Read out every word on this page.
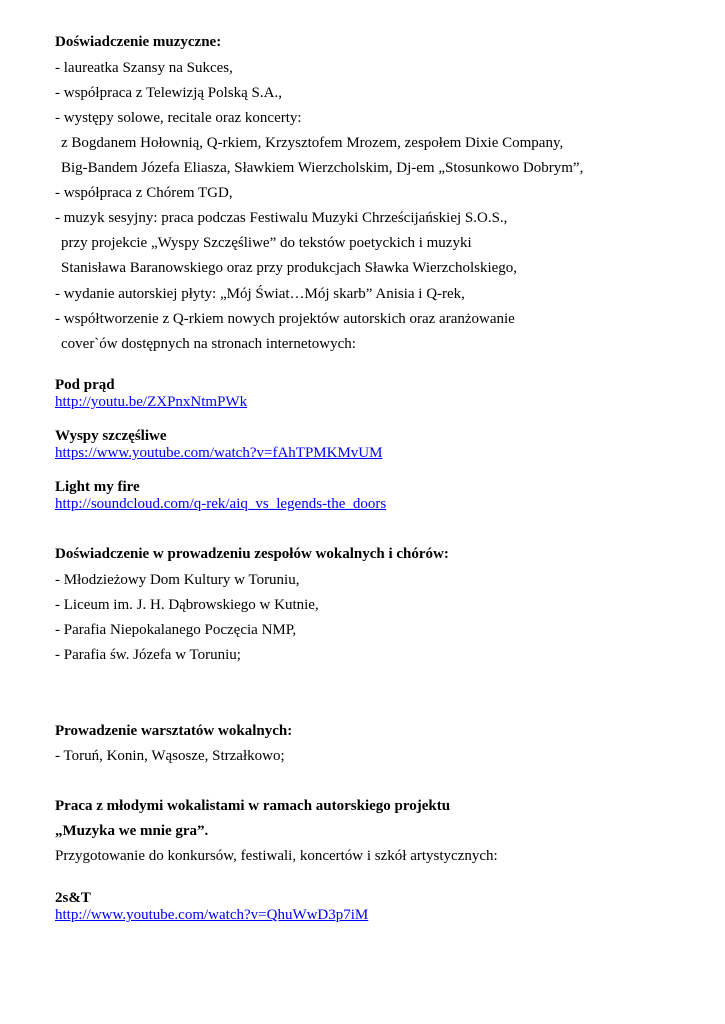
Doświadczenie muzyczne:
- laureatka Szansy na Sukces,
- współpraca z Telewizją Polską S.A.,
- występy solowe, recitale oraz koncerty:
z Bogdanem Hołownią, Q-rkiem, Krzysztofem Mrozem, zespołem Dixie Company,
Big-Bandem Józefa Eliasza, Sławkiem Wierzcholskim, Dj-em „Stosunkowo Dobrym”,
- współpraca z Chórem TGD,
- muzyk sesyjny: praca podczas Festiwalu Muzyki Chrześcijańskiej S.O.S.,
przy projekcie „Wyspy Szczęśliwe” do tekstów poetyckich i muzyki
Stanisława Baranowskiego oraz przy produkcjach Sławka Wierzcholskiego,
- wydanie autorskiej płyty: „Mój Świat…Mój skarb” Anisia i Q-rek,
- współtworzenie z Q-rkiem nowych projektów autorskich oraz aranżowanie
cover`ów dostępnych na stronach internetowych:
Pod prąd
http://youtu.be/ZXPnxNtmPWk
Wyspy szczęśliwe
https://www.youtube.com/watch?v=fAhTPMKMvUM
Light my fire
http://soundcloud.com/q-rek/aiq_vs_legends-the_doors
Doświadczenie w prowadzeniu zespołów wokalnych i chórów:
- Młodzieżowy Dom Kultury w Toruniu,
- Liceum im. J. H. Dąbrowskiego w Kutnie,
- Parafia Niepokalanego Poczęcia NMP,
- Parafia św. Józefa w Toruniu;
Prowadzenie warsztatów wokalnych:
- Toruń, Konin, Wąsosze, Strzałkowo;
Praca z młodymi wokalistami w ramach autorskiego projektu
„Muzyka we mnie gra”.
Przygotowanie do konkursów, festiwali, koncertów i szkół artystycznych:
2s&T
http://www.youtube.com/watch?v=QhuWwD3p7iM
